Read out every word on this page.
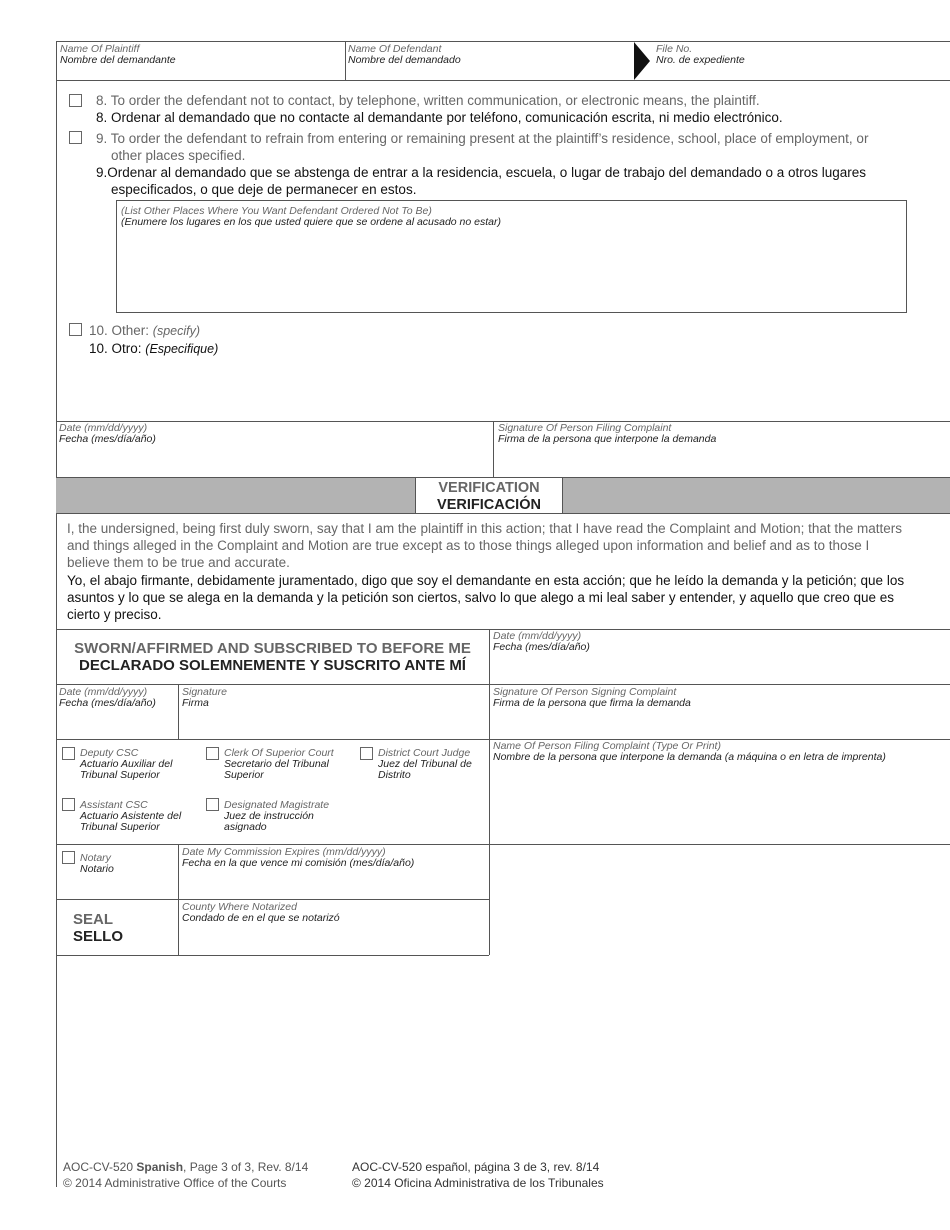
Name Of Plaintiff
Nombre del demandante
Name Of Defendant
Nombre del demandado
File No.
Nro. de expediente
8. To order the defendant not to contact, by telephone, written communication, or electronic means, the plaintiff.
8. Ordenar al demandado que no contacte al demandante por teléfono, comunicación escrita, ni medio electrónico.
9. To order the defendant to refrain from entering or remaining present at the plaintiff’s residence, school, place of employment, or
other places specified.
9.Ordenar al demandado que se abstenga de entrar a la residencia, escuela, o lugar de trabajo del demandado o a otros lugares
especificados, o que deje de permanecer en estos.
(List Other Places Where You Want Defendant Ordered Not To Be)
(Enumere los lugares en los que usted quiere que se ordene al acusado no estar)
10. Other: (specify)
10. Otro: (Especifique)
Date (mm/dd/yyyy)
Fecha (mes/día/año)
Signature Of Person Filing Complaint
Firma de la persona que interpone la demanda
VERIFICATION
VERIFICACIÓN
I, the undersigned, being first duly sworn, say that I am the plaintiff in this action; that I have read the Complaint and Motion; that the matters and things alleged in the Complaint and Motion are true except as to those things alleged upon information and belief and as to those I believe them to be true and accurate.
Yo, el abajo firmante, debidamente juramentado, digo que soy el demandante en esta acción; que he leído la demanda y la petición; que los asuntos y lo que se alega en la demanda y la petición son ciertos, salvo lo que alego a mi leal saber y entender, y aquello que creo que es cierto y preciso.
SWORN/AFFIRMED AND SUBSCRIBED TO BEFORE ME
DECLARADO SOLEMNEMENTE Y SUSCRITO ANTE MÍ
Date (mm/dd/yyyy)
Fecha (mes/día/año)
Date (mm/dd/yyyy)
Fecha (mes/día/año)
Signature
Firma
Signature Of Person Signing Complaint
Firma de la persona que firma la demanda
Name Of Person Filing Complaint (Type Or Print)
Nombre de la persona que interpone la demanda (a máquina o en letra de imprenta)
Deputy CSC
Actuario Auxiliar del
Tribunal Superior
Clerk Of Superior Court
Secretario del Tribunal
Superior
District Court Judge
Juez del Tribunal de
Distrito
Assistant CSC
Actuario Asistente del
Tribunal Superior
Designated Magistrate
Juez de instrucción
asignado
Notary
Notario
Date My Commission Expires (mm/dd/yyyy)
Fecha en la que vence mi comisión (mes/día/año)
SEAL
SELLO
County Where Notarized
Condado de en el que se notarizó
AOC-CV-520 Spanish, Page 3 of 3, Rev. 8/14
© 2014 Administrative Office of the Courts
AOC-CV-520 español, página 3 de 3, rev. 8/14
© 2014 Oficina Administrativa de los Tribunales
